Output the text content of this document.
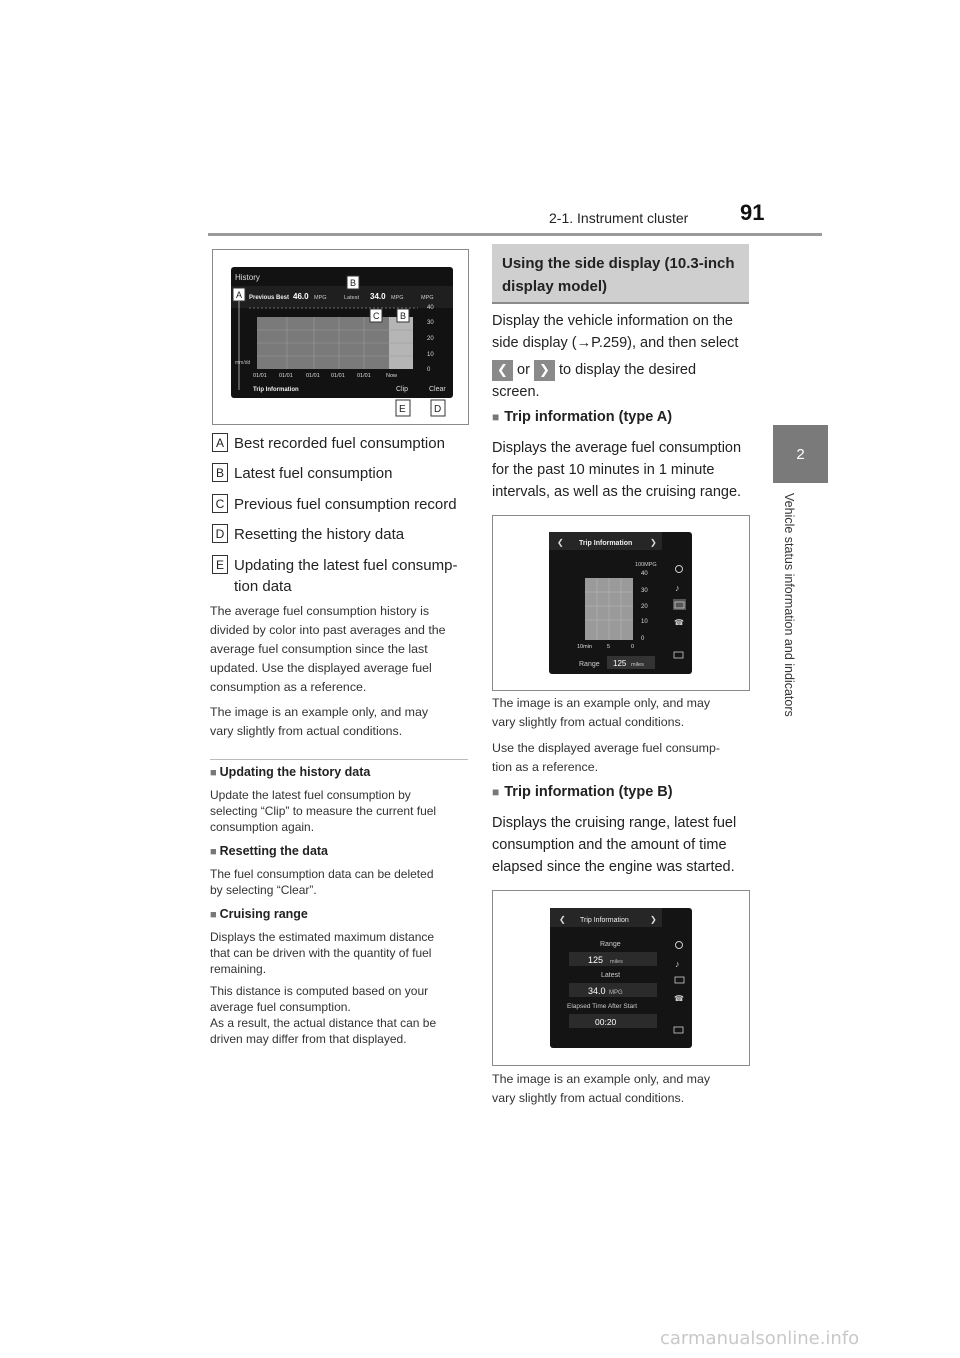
2-1. Instrument cluster 91
2
Vehicle status information and indicators
History
Previous Best 46.0 MPG	Latest 34.0 MPG	MPG
40
30
20
10
0
mm/dd
01/01 01/01 01/01 01/01 01/01	Now
Trip Information	Clip	Clear
A
B
C B
E	D
A Best recorded fuel consumption
B Latest fuel consumption
C Previous fuel consumption record
D Resetting the history data
E Updating the latest fuel consump-
tion data
The average fuel consumption history is
divided by color into past averages and the
average fuel consumption since the last
updated. Use the displayed average fuel
consumption as a reference.
The image is an example only, and may
vary slightly from actual conditions.
■ Updating the history data
Update the latest fuel consumption by
selecting “Clip” to measure the current fuel
consumption again.
■ Resetting the data
The fuel consumption data can be deleted
by selecting “Clear”.
■ Cruising range
Displays the estimated maximum distance
that can be driven with the quantity of fuel
remaining.
This distance is computed based on your
average fuel consumption.
As a result, the actual distance that can be
driven may differ from that displayed.
Using the side display (10.3-inch
display model)
Display the vehicle information on the
side display (→P.259), and then select
❮ or ❯ to display the desired
screen.
■ Trip information (type A)
Displays the average fuel consumption
for the past 10 minutes in 1 minute
intervals, as well as the cruising range.
❮ Trip Information ❯
100MPG
40
30
20
10
0
10min	5	0
Range 125 miles
♪
☎
The image is an example only, and may
vary slightly from actual conditions.
Use the displayed average fuel consump-
tion as a reference.
■ Trip information (type B)
Displays the cruising range, latest fuel
consumption and the amount of time
elapsed since the engine was started.
❮ Trip Information	❯
Range
125 miles
Latest
34.0 MPG
Elapsed Time After Start
00:20
♪
☎
The image is an example only, and may
vary slightly from actual conditions.
carmanualsonline.info
